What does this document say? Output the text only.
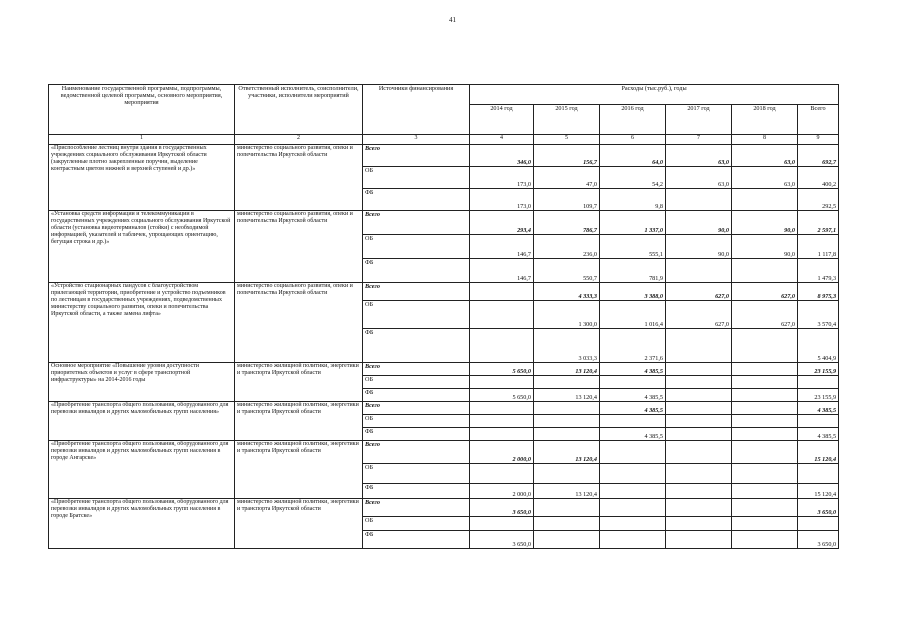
41
Наименование государственной программы, подпрограммы, ведомственной целевой программы, основного мероприятия, мероприятия	Ответственный исполнитель, соисполнители, участники, исполнители мероприятий	Источники финансирования	Расходы (тыс.руб.), годы					
			2014 год	2015 год	2016 год	2017 год	2018 год	Всего
1	2	3	4	5	6	7	8	9
«Приспособление лестниц внутри здания в государственных учреждениях социального обслуживания Иркутской области (закругленные плотно закрепленные поручни, выделение контрастным цветом нижней и верхней ступеней и др.)»	министерство социального развития, опеки и попечительства Иркутской области	Всего	346,0	156,7	64,0	63,0	63,0	692,7
		ОБ	173,0	47,0	54,2	63,0	63,0	400,2
		ФБ	173,0	109,7	9,8			292,5
«Установка средств информации и телекоммуникации в государственных учреждениях социального обслуживания Иркутской области (установка видеотерминалов (стойки) с необходимой информацией, указателей и табличек, упрощающих ориентацию, бегущая строка и др.)»	министерство социального развития, опеки и попечительства Иркутской области	Всего	293,4	786,7	1 337,0	90,0	90,0	2 597,1
		ОБ	146,7	236,0	555,1	90,0	90,0	1 117,8
		ФБ	146,7	550,7	781,9			1 479,3
«Устройство стационарных пандусов с благоустройством прилегающей территории, приобретение и устройство подъемников по лестницам в государственных учреждениях, подведомственных министерству социального развития, опеки и попечительства Иркутской области, а также замена лифта»	министерство социального развития, опеки и попечительства Иркутской области	Всего		4 333,3	3 388,0	627,0	627,0	8 975,3
		ОБ		1 300,0	1 016,4	627,0	627,0	3 570,4
		ФБ		3 033,3	2 371,6			5 404,9
Основное мероприятие «Повышение уровня доступности приоритетных объектов и услуг в сфере транспортной инфраструктуры» на 2014-2016 годы	министерство жилищной политики, энергетики и транспорта Иркутской области	Всего	5 650,0	13 120,4	4 385,5			23 155,9
		ОБ						
		ФБ	5 650,0	13 120,4	4 385,5			23 155,9
«Приобретение транспорта общего пользования, оборудованного для перевозки инвалидов и других маломобильных групп населения»	министерство жилищной политики, энергетики и транспорта Иркутской области	Всего			4 385,5			4 385,5
		ОБ						
		ФБ			4 385,5			4 385,5
«Приобретение транспорта общего пользования, оборудованного для перевозки инвалидов и других маломобильных групп населения в городе Ангарске»	министерство жилищной политики, энергетики и транспорта Иркутской области	Всего	2 000,0	13 120,4				15 120,4
		ОБ						
		ФБ	2 000,0	13 120,4				15 120,4
«Приобретение транспорта общего пользования, оборудованного для перевозки инвалидов и других маломобильных групп населения в городе Братске»	министерство жилищной политики, энергетики и транспорта Иркутской области	Всего	3 650,0					3 650,0
		ОБ						
		ФБ	3 650,0					3 650,0
